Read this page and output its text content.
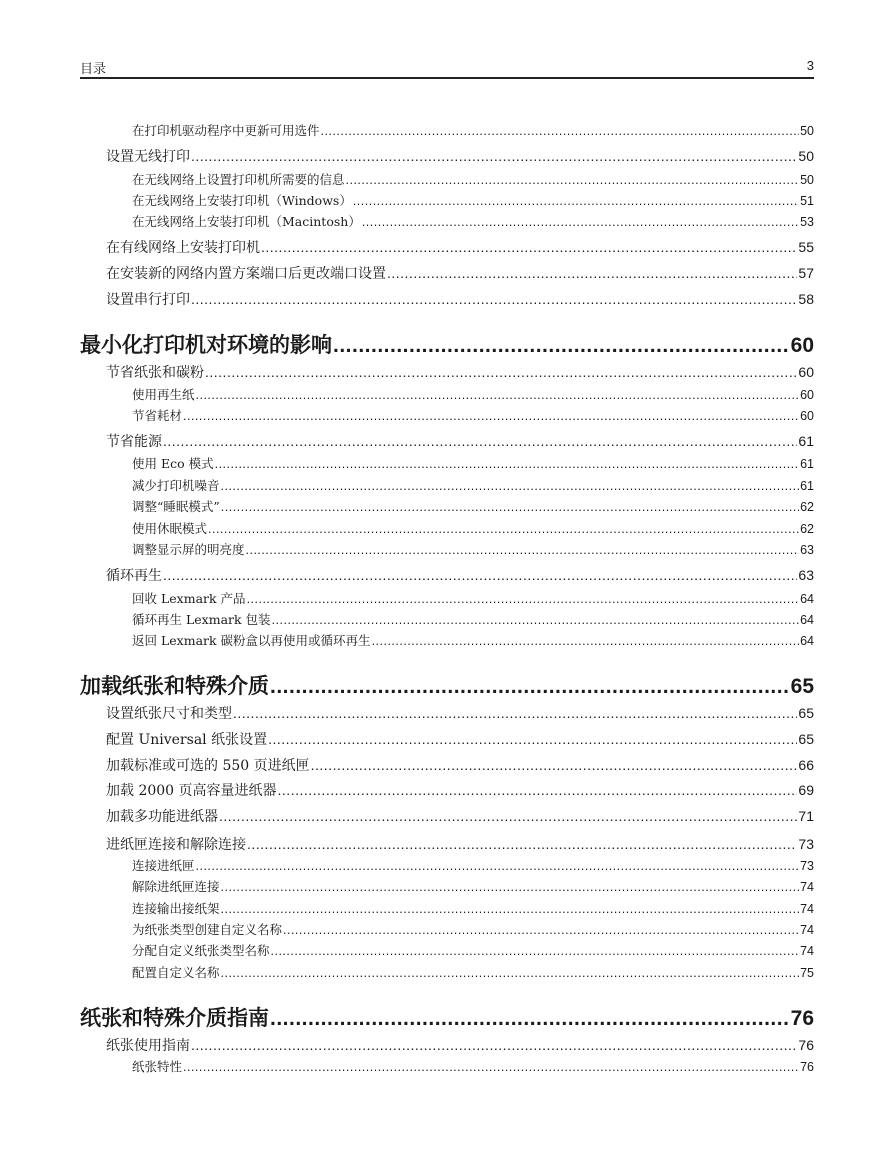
目录	3
在打印机驱动程序中更新可用选件 .....	50
设置无线打印 .....	50
在无线网络上设置打印机所需要的信息 .....	50
在无线网络上安装打印机（Windows） .....	51
在无线网络上安装打印机（Macintosh） .....	53
在有线网络上安装打印机 .....	55
在安装新的网络内置方案端口后更改端口设置 .....	57
设置串行打印 .....	58
最小化打印机对环境的影响 .....	60
节省纸张和碳粉 .....	60
使用再生纸 .....	60
节省耗材 .....	60
节省能源 .....	61
使用 Eco 模式 .....	61
减少打印机噪音 .....	61
调整“睡眠模式” .....	62
使用休眠模式 .....	62
调整显示屏的明亮度 .....	63
循环再生 .....	63
回收 Lexmark 产品 .....	64
循环再生 Lexmark 包装 .....	64
返回 Lexmark 碳粉盒以再使用或循环再生 .....	64
加载纸张和特殊介质 .....	65
设置纸张尺寸和类型 .....	65
配置 Universal 纸张设置 .....	65
加载标准或可选的 550 页进纸匣 .....	66
加载 2000 页高容量进纸器 .....	69
加载多功能进纸器 .....	71
进纸匣连接和解除连接 .....	73
连接进纸匣 .....	73
解除进纸匣连接 .....	74
连接输出接纸架 .....	74
为纸张类型创建自定义名称 .....	74
分配自定义纸张类型名称 .....	74
配置自定义名称 .....	75
纸张和特殊介质指南 .....	76
纸张使用指南 .....	76
纸张特性 .....	76
